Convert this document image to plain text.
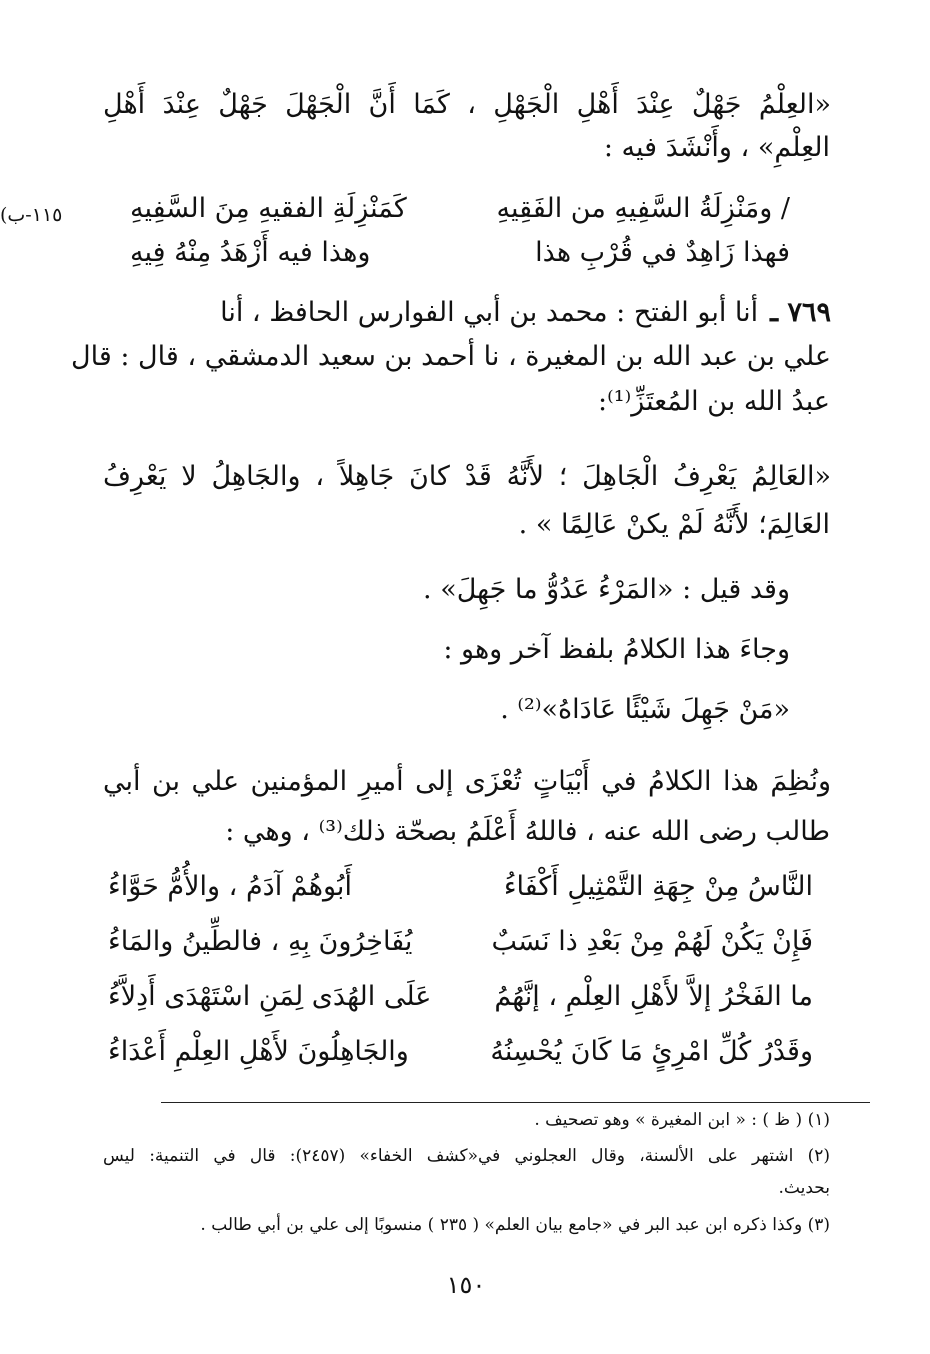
«العِلْمُ جَهْلٌ عِنْدَ أَهْلِ الْجَهْلِ ، كَمَا أَنَّ الْجَهْلَ جَهْلٌ عِنْدَ أَهْلِ
العِلْمِ» ، وأَنْشَدَ فيه :
(١١٥-ب	/ ومَنْزِلَةُ السَّفِيهِ من الفَقِيهِ
كَمَنْزِلَةِ الفقيهِ مِنَ السَّفِيهِ
فهذا زَاهِدٌ في قُرْبِ هذا
وهذا فيه أَزْهَدُ مِنْهُ فِيهِ
٧٦٩ ـ
أنا أبو الفتح : محمد بن أبي الفوارس الحافظ ، أنا
علي بن عبد الله بن المغيرة ، نا أحمد بن سعيد الدمشقي ، قال : قال
عبدُ الله بن المُعتَزِّ⁽¹⁾:
«العَالِمُ يَعْرِفُ الْجَاهِلَ ؛ لأَنَّهُ قَدْ كانَ جَاهِلاً ، والجَاهِلُ لا يَعْرِفُ
العَالِمَ؛ لأَنَّهُ لَمْ يكنْ عَالِمًا » .
وقد قيل : «المَرْءُ عَدُوُّ ما جَهِلَ» .
وجاءَ هذا الكلامُ بلفظ آخر وهو :
«مَنْ جَهِلَ شَيْئًا عَادَاهُ»⁽²⁾ .
ونُظِمَ هذا الكلامُ في أَبْيَاتٍ تُعْزَى إلى أميرِ المؤمنين علي بن أبي
طالب رضى الله عنه ، فاللهُ أَعْلَمُ بصحّة ذلك⁽³⁾ ، وهي :
النَّاسُ مِنْ جِهَةِ التَّمْثِيلِ أَكْفَاءُ
أَبُوهُمْ آدَمُ ، والأُمُّ حَوَّاءُ
فَإِنْ يَكُنْ لَهُمْ مِنْ بَعْدِ ذا نَسَبٌ
يُفَاخِرُونَ بِهِ ، فالطِّينُ والمَاءُ
ما الفَخْرُ إلاَّ لأَهْلِ العِلْمِ ، إنَّهُمُ
عَلَى الهُدَى لِمَنِ اسْتَهْدَى أَدِلاَّءُ
وقَدْرُ كُلِّ امْرِئٍ مَا كَانَ يُحْسِنُهُ
والجَاهِلُونَ لأَهْلِ العِلْمِ أَعْدَاءُ
(١) ( ظ ) : « ابن المغيرة » وهو تصحيف .
(٢) اشتهر على الألسنة، وقال العجلوني في«كشف الخفاء» (٢٤٥٧): قال في التنمية: ليس
بحديث.
(٣) وكذا ذكره ابن عبد البر في «جامع بيان العلم» ( ٢٣٥ ) منسوبًا إلى علي بن أبي طالب .
١٥٠
